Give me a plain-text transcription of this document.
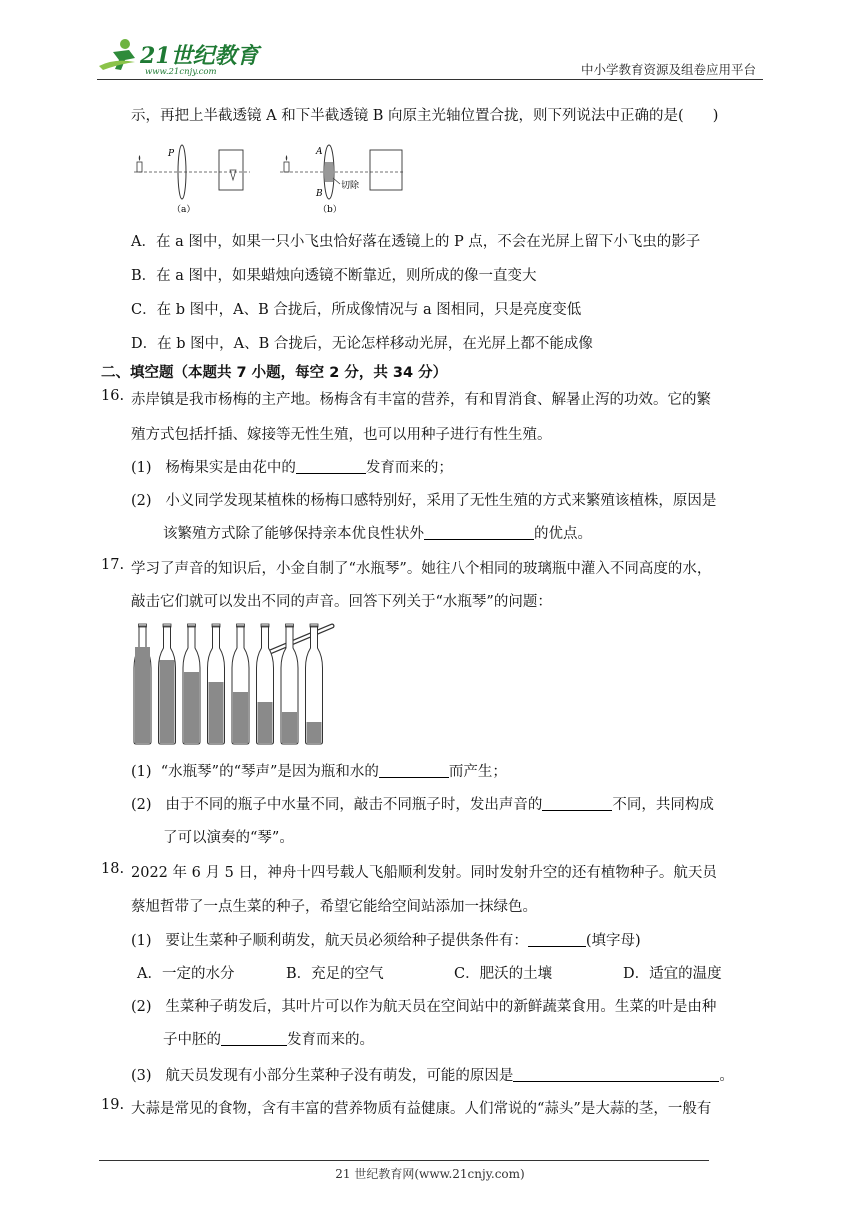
21世纪教育
www.21cnjy.com	中小学教育资源及组卷应用平台
示，再把上半截透镜 A 和下半截透镜 B 向原主光轴位置合拢，则下列说法中正确的是(　　)
P
（a）
A
B
切除
（b）
A．在 a 图中，如果一只小飞虫恰好落在透镜上的 P 点，不会在光屏上留下小飞虫的影子
B．在 a 图中，如果蜡烛向透镜不断靠近，则所成的像一直变大
C．在 b 图中，A、B 合拢后，所成像情况与 a 图相同，只是亮度变低
D．在 b 图中，A、B 合拢后，无论怎样移动光屏，在光屏上都不能成像
二、填空题（本题共 7 小题，每空 2 分，共 34 分）
16. 赤岸镇是我市杨梅的主产地。杨梅含有丰富的营养，有和胃消食、解暑止泻的功效。它的繁
殖方式包括扦插、嫁接等无性生殖，也可以用种子进行有性生殖。
(1) 杨梅果实是由花中的	发育而来的；
(2) 小义同学发现某植株的杨梅口感特别好，采用了无性生殖的方式来繁殖该植株，原因是
该繁殖方式除了能够保持亲本优良性状外	的优点。
17. 学习了声音的知识后，小金自制了“水瓶琴”。她往八个相同的玻璃瓶中灌入不同高度的水，
敲击它们就可以发出不同的声音。回答下列关于“水瓶琴”的问题：
(1) “水瓶琴”的“琴声”是因为瓶和水的	而产生；
(2) 由于不同的瓶子中水量不同，敲击不同瓶子时，发出声音的	不同，共同构成
了可以演奏的“琴”。
18. 2022 年 6 月 5 日，神舟十四号载人飞船顺利发射。同时发射升空的还有植物种子。航天员
蔡旭哲带了一点生菜的种子，希望它能给空间站添加一抹绿色。
(1) 要让生菜种子顺利萌发，航天员必须给种子提供条件有：	(填字母)
A．一定的水分	B．充足的空气	C．肥沃的土壤	D．适宜的温度
(2) 生菜种子萌发后，其叶片可以作为航天员在空间站中的新鲜蔬菜食用。生菜的叶是由种
子中胚的	发育而来的。
(3) 航天员发现有小部分生菜种子没有萌发，可能的原因是	。
19. 大蒜是常见的食物，含有丰富的营养物质有益健康。人们常说的“蒜头”是大蒜的茎，一般有
21 世纪教育网(www.21cnjy.com)
